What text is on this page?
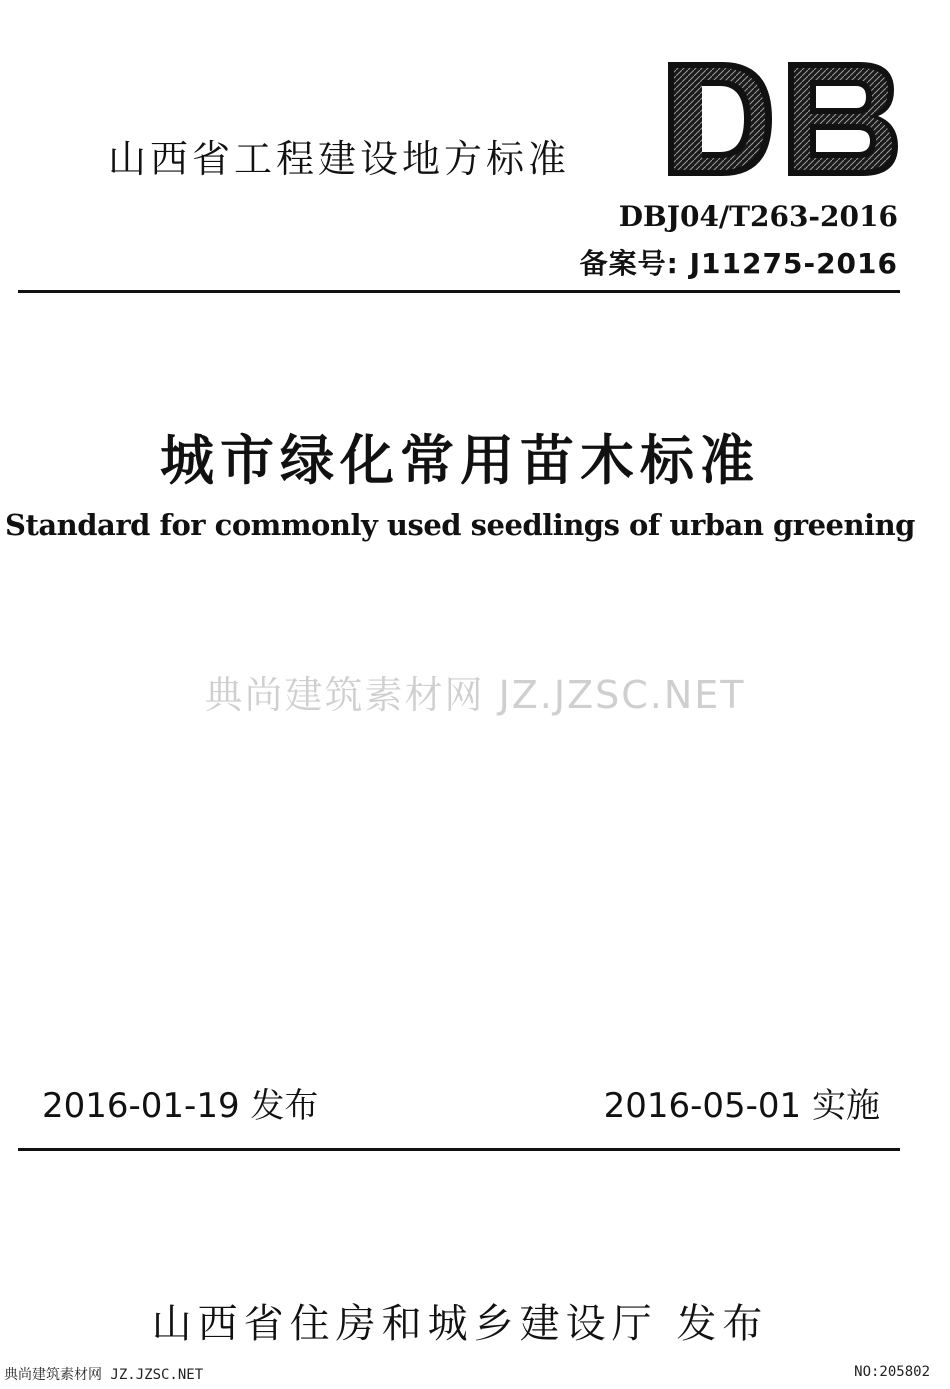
山西省工程建设地方标准
DBJ04/T263-2016
备案号: J11275-2016
城市绿化常用苗木标准
Standard for commonly used seedlings of urban greening
典尚建筑素材网 JZ.JZSC.NET
2016-01-19 发布	2016-05-01 实施
山西省住房和城乡建设厅 发布
典尚建筑素材网 JZ.JZSC.NET	NO:205802
